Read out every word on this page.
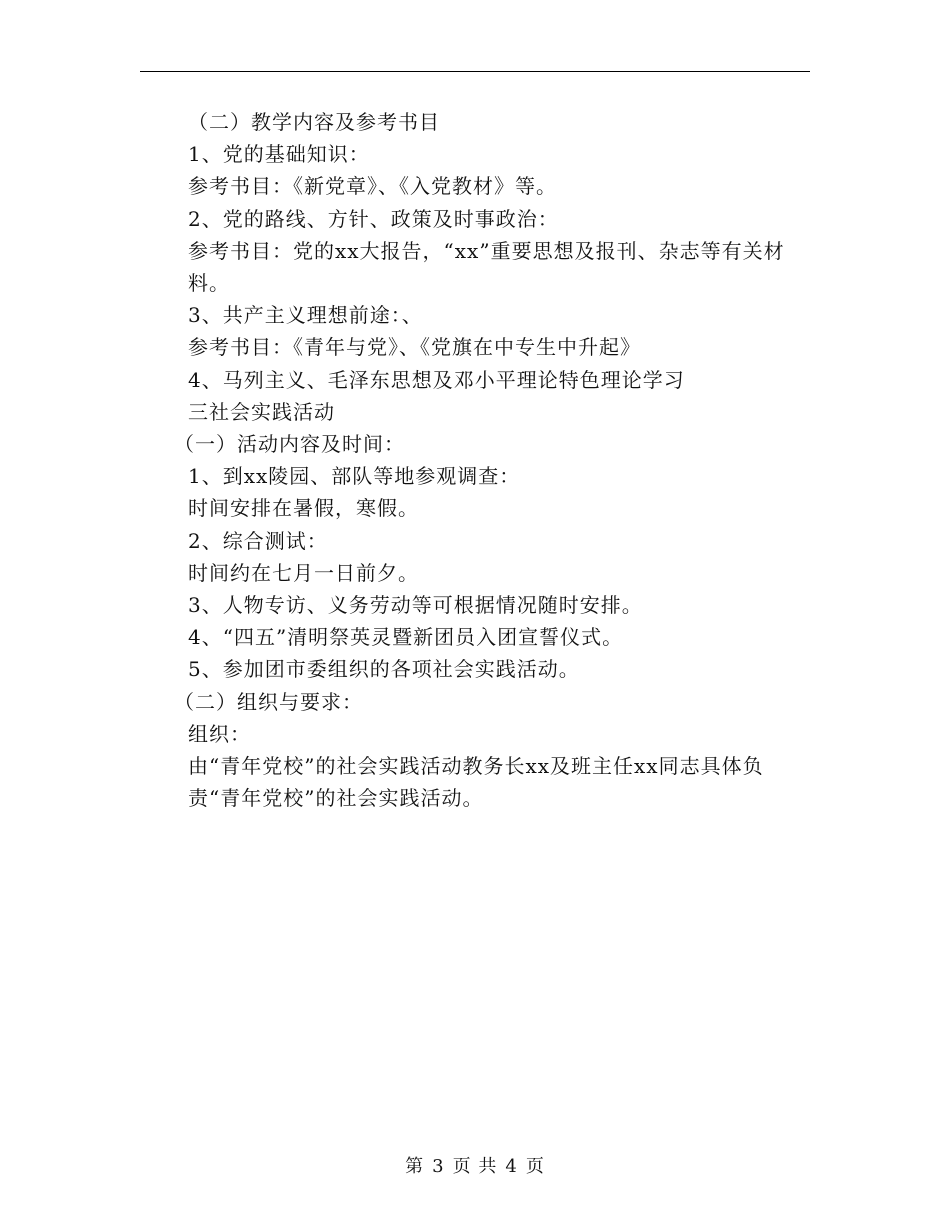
（二）教学内容及参考书目

1、党的基础知识：

参考书目：《新党章》、《入党教材》等。

2、党的路线、方针、政策及时事政治：

参考书目：党的xx大报告，“xx”重要思想及报刊、杂志等有关材料。

3、共产主义理想前途：、

参考书目：《青年与党》、《党旗在中专生中升起》

4、马列主义、毛泽东思想及邓小平理论特色理论学习

三社会实践活动

（一）活动内容及时间：

1、到xx陵园、部队等地参观调查：

时间安排在暑假，寒假。

2、综合测试：

时间约在七月一日前夕。

3、人物专访、义务劳动等可根据情况随时安排。

4、“四五”清明祭英灵暨新团员入团宣誓仪式。

5、参加团市委组织的各项社会实践活动。

（二）组织与要求：

组织：

由“青年党校”的社会实践活动教务长xx及班主任xx同志具体负责“青年党校”的社会实践活动。

第 3 页 共 4 页
